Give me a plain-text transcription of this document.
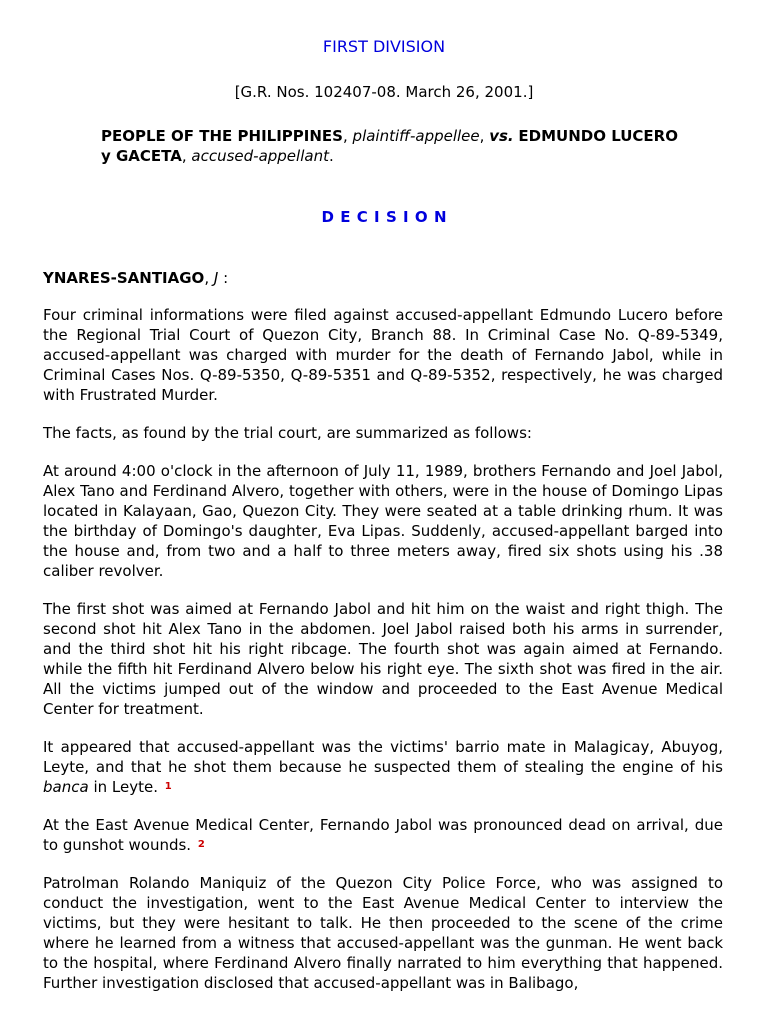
FIRST DIVISION
[G.R. Nos. 102407-08. March 26, 2001.]
PEOPLE OF THE PHILIPPINES, plaintiff-appellee, vs. EDMUNDO LUCERO y GACETA, accused-appellant.
DECISION
YNARES-SANTIAGO, J :

Four criminal informations were filed against accused-appellant Edmundo Lucero before the Regional Trial Court of Quezon City, Branch 88. In Criminal Case No. Q-89-5349, accused-appellant was charged with murder for the death of Fernando Jabol, while in Criminal Cases Nos. Q-89-5350, Q-89-5351 and Q-89-5352, respectively, he was charged with Frustrated Murder.

The facts, as found by the trial court, are summarized as follows:

At around 4:00 o'clock in the afternoon of July 11, 1989, brothers Fernando and Joel Jabol, Alex Tano and Ferdinand Alvero, together with others, were in the house of Domingo Lipas located in Kalayaan, Gao, Quezon City. They were seated at a table drinking rhum. It was the birthday of Domingo's daughter, Eva Lipas. Suddenly, accused-appellant barged into the house and, from two and a half to three meters away, fired six shots using his .38 caliber revolver.

The first shot was aimed at Fernando Jabol and hit him on the waist and right thigh. The second shot hit Alex Tano in the abdomen. Joel Jabol raised both his arms in surrender, and the third shot hit his right ribcage. The fourth shot was again aimed at Fernando. while the fifth hit Ferdinand Alvero below his right eye. The sixth shot was fired in the air. All the victims jumped out of the window and proceeded to the East Avenue Medical Center for treatment.

It appeared that accused-appellant was the victims' barrio mate in Malagicay, Abuyog, Leyte, and that he shot them because he suspected them of stealing the engine of his banca in Leyte. $^1$

At the East Avenue Medical Center, Fernando Jabol was pronounced dead on arrival, due to gunshot wounds. $^2$

Patrolman Rolando Maniquiz of the Quezon City Police Force, who was assigned to conduct the investigation, went to the East Avenue Medical Center to interview the victims, but they were hesitant to talk. He then proceeded to the scene of the crime where he learned from a witness that accused-appellant was the gunman. He went back to the hospital, where Ferdinand Alvero finally narrated to him everything that happened. Further investigation disclosed that accused-appellant was in Balibago,
